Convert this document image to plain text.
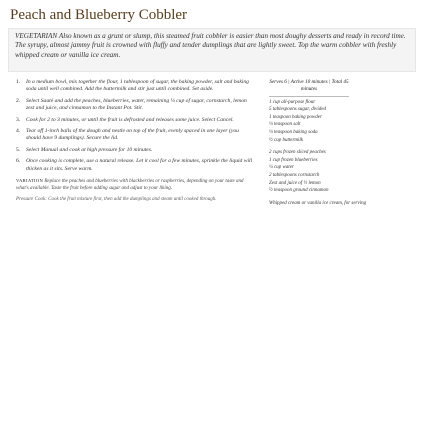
Peach and Blueberry Cobbler
VEGETARIAN Also known as a grunt or slump, this steamed fruit cobbler is easier than most doughy desserts and ready in record time. The syrupy, almost jammy fruit is crowned with fluffy and tender dumplings that are lightly sweet. Top the warm cobbler with freshly whipped cream or vanilla ice cream.
1.	In a medium bowl, mix together the flour, 1 tablespoon of sugar, the baking powder, salt and baking soda until well combined. Add the buttermilk and stir just until combined. Set aside.
2.	Select Sauté and add the peaches, blueberries, water, remaining ¼ cup of sugar, cornstarch, lemon zest and juice, and cinnamon to the Instant Pot. Stir.
3.	Cook for 2 to 3 minutes, or until the fruit is defrosted and releases some juice. Select Cancel.
4.	Tear off 1-inch balls of the dough and nestle on top of the fruit, evenly spaced in one layer (you should have 9 dumplings). Secure the lid.
5.	Select Manual and cook at high pressure for 10 minutes.
6.	Once cooking is complete, use a natural release. Let it cool for a few minutes, sprinkle the liquid will thicken as it sits. Serve warm.
VARIATION Replace the peaches and blueberries with blackberries or raspberries, depending on your taste and what's available. Taste the fruit before adding sugar and adjust to your liking.
Pressure Cook: Cook the fruit mixture first, then add the dumplings and steam until cooked through.
Serves 6 | Active 10 minutes | Total 45 minutes
1 cup all-purpose flour
5 tablespoons sugar, divided
1 teaspoon baking powder
¼ teaspoon salt
¼ teaspoon baking soda
½ cup buttermilk
2 cups frozen sliced peaches
1 cup frozen blueberries
¼ cup water
2 tablespoons cornstarch
Zest and juice of ½ lemon
½ teaspoon ground cinnamon
Whipped cream or vanilla ice cream, for serving
